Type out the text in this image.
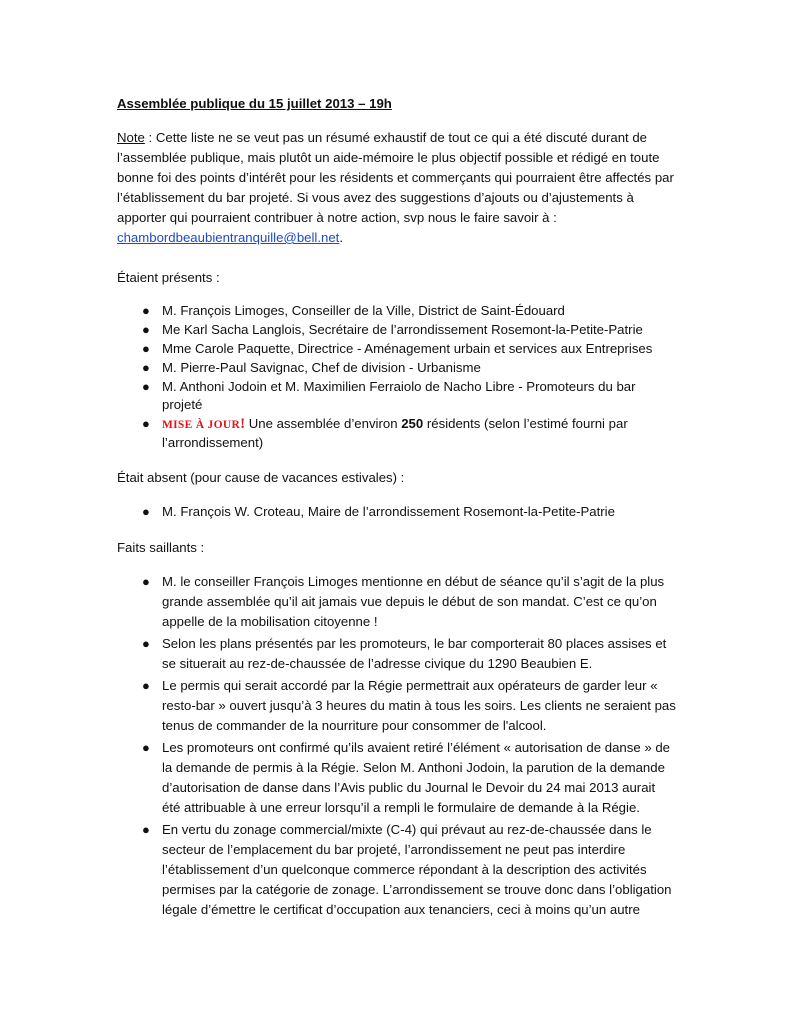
Assemblée publique du 15 juillet 2013 – 19h

Note : Cette liste ne se veut pas un résumé exhaustif de tout ce qui a été discuté durant de l’assemblée publique, mais plutôt un aide-mémoire le plus objectif possible et rédigé en toute bonne foi des points d’intérêt pour les résidents et commerçants qui pourraient être affectés par l’établissement du bar projeté. Si vous avez des suggestions d’ajouts ou d’ajustements à apporter qui pourraient contribuer à notre action, svp nous le faire savoir à : chambordbeaubientranquille@bell.net.

Étaient présents :

● M. François Limoges, Conseiller de la Ville, District de Saint-Édouard
● Me Karl Sacha Langlois, Secrétaire de l’arrondissement Rosemont-la-Petite-Patrie
● Mme Carole Paquette, Directrice - Aménagement urbain et services aux Entreprises
● M. Pierre-Paul Savignac, Chef de division - Urbanisme
● M. Anthoni Jodoin et M. Maximilien Ferraiolo de Nacho Libre - Promoteurs du bar projeté
● MISE À JOUR! Une assemblée d’environ 250 résidents (selon l’estimé fourni par l’arrondissement)

Était absent (pour cause de vacances estivales) :

● M. François W. Croteau, Maire de l’arrondissement Rosemont-la-Petite-Patrie

Faits saillants :

● M. le conseiller François Limoges mentionne en début de séance qu’il s’agit de la plus grande assemblée qu’il ait jamais vue depuis le début de son mandat. C’est ce qu’on appelle de la mobilisation citoyenne !
● Selon les plans présentés par les promoteurs, le bar comporterait 80 places assises et se situerait au rez-de-chaussée de l’adresse civique du 1290 Beaubien E.
● Le permis qui serait accordé par la Régie permettrait aux opérateurs de garder leur « resto-bar » ouvert jusqu’à 3 heures du matin à tous les soirs. Les clients ne seraient pas tenus de commander de la nourriture pour consommer de l'alcool.
● Les promoteurs ont confirmé qu’ils avaient retiré l’élément « autorisation de danse » de la demande de permis à la Régie. Selon M. Anthoni Jodoin, la parution de la demande d’autorisation de danse dans l’Avis public du Journal le Devoir du 24 mai 2013 aurait été attribuable à une erreur lorsqu’il a rempli le formulaire de demande à la Régie.
● En vertu du zonage commercial/mixte (C-4) qui prévaut au rez-de-chaussée dans le secteur de l’emplacement du bar projeté, l’arrondissement ne peut pas interdire l’établissement d’un quelconque commerce répondant à la description des activités permises par la catégorie de zonage. L’arrondissement se trouve donc dans l’obligation légale d’émettre le certificat d’occupation aux tenanciers, ceci à moins qu’un autre
